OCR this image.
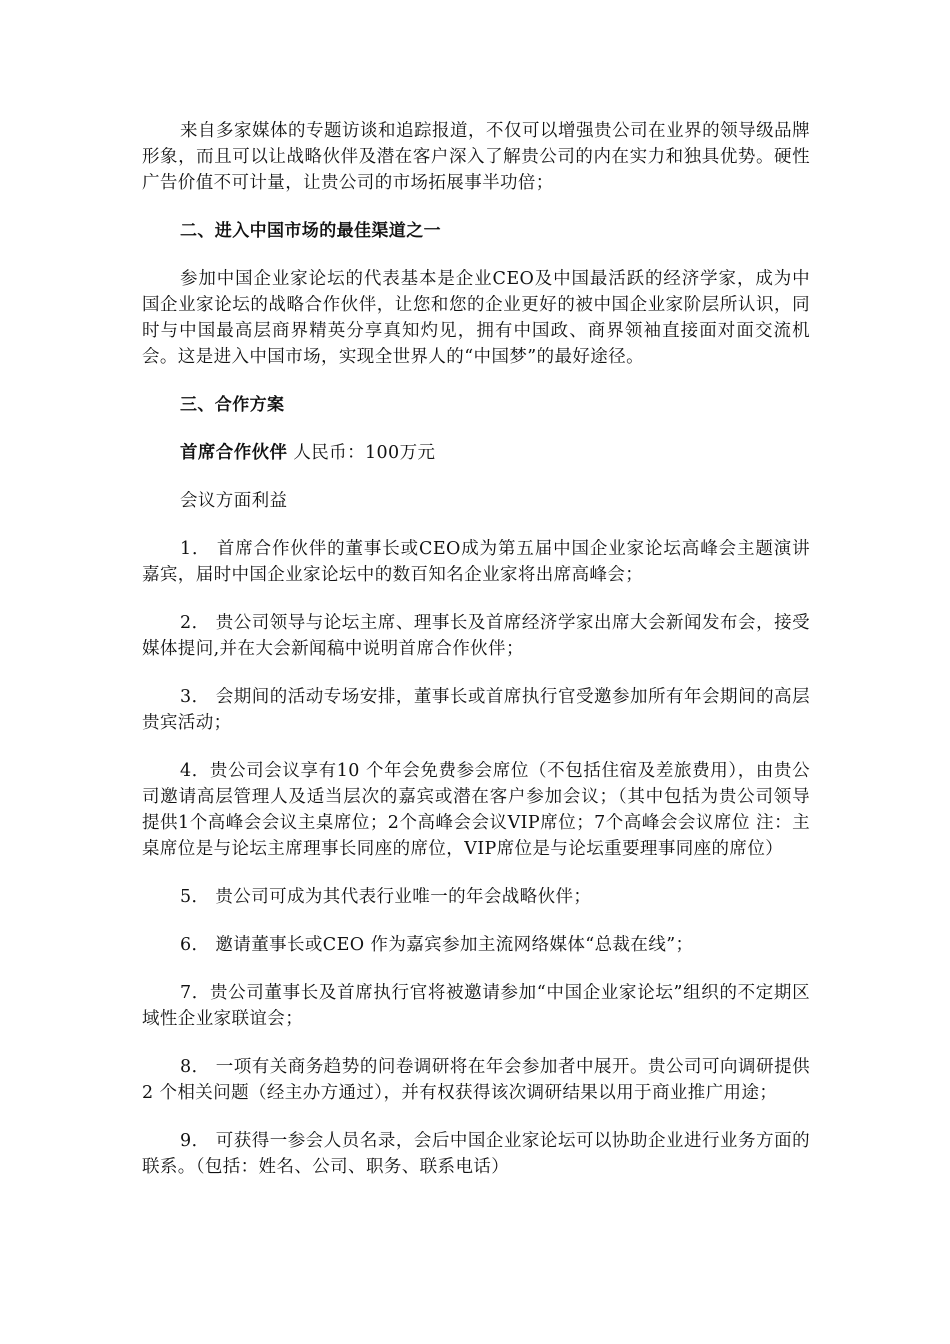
来自多家媒体的专题访谈和追踪报道，不仅可以增强贵公司在业界的领导级品牌形象，而且可以让战略伙伴及潜在客户深入了解贵公司的内在实力和独具优势。硬性广告价值不可计量，让贵公司的市场拓展事半功倍；

二、进入中国市场的最佳渠道之一

参加中国企业家论坛的代表基本是企业CEO及中国最活跃的经济学家，成为中国企业家论坛的战略合作伙伴，让您和您的企业更好的被中国企业家阶层所认识，同时与中国最高层商界精英分享真知灼见，拥有中国政、商界领袖直接面对面交流机会。这是进入中国市场，实现全世界人的“中国梦”的最好途径。

三、合作方案

首席合作伙伴 人民币：100万元

会议方面利益

1． 首席合作伙伴的董事长或CEO成为第五届中国企业家论坛高峰会主题演讲嘉宾，届时中国企业家论坛中的数百知名企业家将出席高峰会；

2． 贵公司领导与论坛主席、理事长及首席经济学家出席大会新闻发布会，接受媒体提问,并在大会新闻稿中说明首席合作伙伴；

3． 会期间的活动专场安排，董事长或首席执行官受邀参加所有年会期间的高层贵宾活动；

4．贵公司会议享有10 个年会免费参会席位（不包括住宿及差旅费用），由贵公司邀请高层管理人及适当层次的嘉宾或潜在客户参加会议；（其中包括为贵公司领导提供1个高峰会会议主桌席位；2个高峰会会议VIP席位；7个高峰会会议席位 注：主桌席位是与论坛主席理事长同座的席位，VIP席位是与论坛重要理事同座的席位）

5． 贵公司可成为其代表行业唯一的年会战略伙伴；

6． 邀请董事长或CEO 作为嘉宾参加主流网络媒体“总裁在线”；

7．贵公司董事长及首席执行官将被邀请参加“中国企业家论坛”组织的不定期区域性企业家联谊会；

8． 一项有关商务趋势的问卷调研将在年会参加者中展开。贵公司可向调研提供2 个相关问题（经主办方通过），并有权获得该次调研结果以用于商业推广用途；

9． 可获得一参会人员名录，会后中国企业家论坛可以协助企业进行业务方面的联系。（包括：姓名、公司、职务、联系电话）
